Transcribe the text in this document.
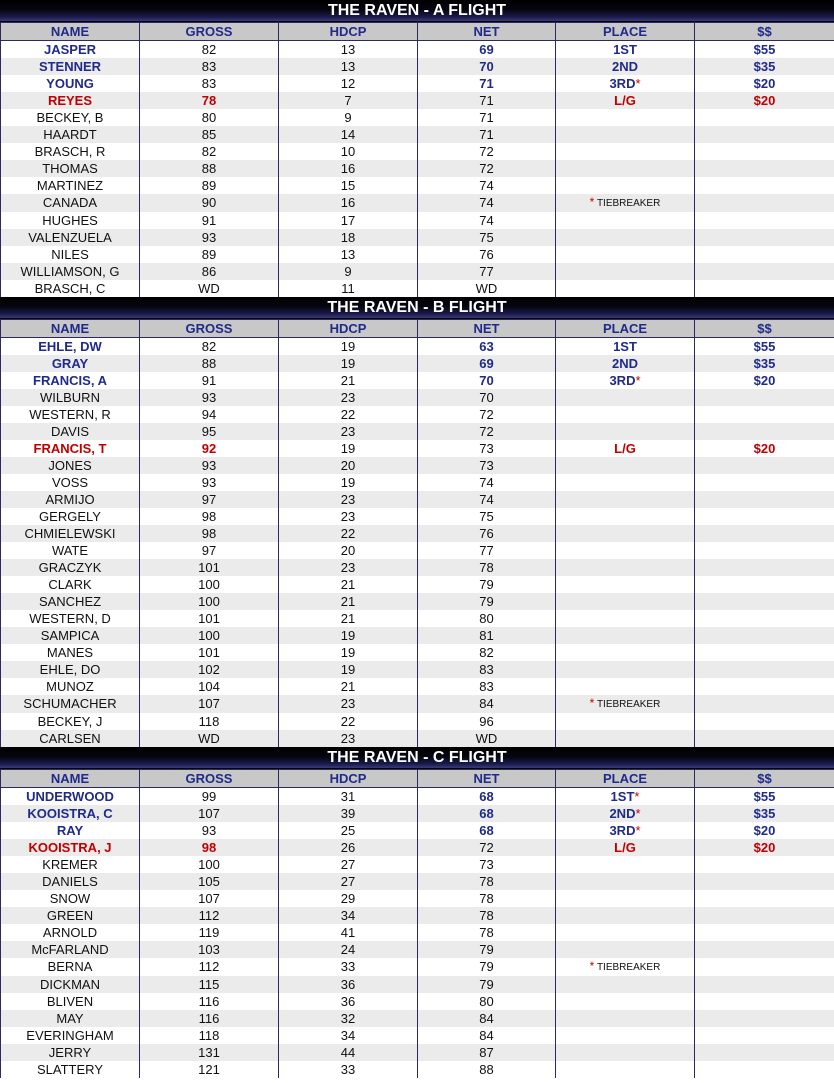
THE RAVEN - A FLIGHT
NAME	GROSS	HDCP	NET	PLACE	$$
JASPER	82	13	69	1ST	$55
STENNER	83	13	70	2ND	$35
YOUNG	83	12	71	3RD*	$20
REYES	78	7	71	L/G	$20
BECKEY, B	80	9	71		
HAARDT	85	14	71		
BRASCH, R	82	10	72		
THOMAS	88	16	72		
MARTINEZ	89	15	74		
CANADA	90	16	74	* TIEBREAKER	
HUGHES	91	17	74		
VALENZUELA	93	18	75		
NILES	89	13	76		
WILLIAMSON, G	86	9	77		
BRASCH, C	WD	11	WD		
THE RAVEN - B FLIGHT
NAME	GROSS	HDCP	NET	PLACE	$$
EHLE, DW	82	19	63	1ST	$55
GRAY	88	19	69	2ND	$35
FRANCIS, A	91	21	70	3RD*	$20
WILBURN	93	23	70		
WESTERN, R	94	22	72		
DAVIS	95	23	72		
FRANCIS, T	92	19	73	L/G	$20
JONES	93	20	73		
VOSS	93	19	74		
ARMIJO	97	23	74		
GERGELY	98	23	75		
CHMIELEWSKI	98	22	76		
WATE	97	20	77		
GRACZYK	101	23	78		
CLARK	100	21	79		
SANCHEZ	100	21	79		
WESTERN, D	101	21	80		
SAMPICA	100	19	81		
MANES	101	19	82		
EHLE, DO	102	19	83		
MUNOZ	104	21	83		
SCHUMACHER	107	23	84	* TIEBREAKER	
BECKEY, J	118	22	96		
CARLSEN	WD	23	WD		
THE RAVEN - C FLIGHT
NAME	GROSS	HDCP	NET	PLACE	$$
UNDERWOOD	99	31	68	1ST*	$55
KOOISTRA, C	107	39	68	2ND*	$35
RAY	93	25	68	3RD*	$20
KOOISTRA, J	98	26	72	L/G	$20
KREMER	100	27	73		
DANIELS	105	27	78		
SNOW	107	29	78		
GREEN	112	34	78		
ARNOLD	119	41	78		
McFARLAND	103	24	79		
BERNA	112	33	79	* TIEBREAKER	
DICKMAN	115	36	79		
BLIVEN	116	36	80		
MAY	116	32	84		
EVERINGHAM	118	34	84		
JERRY	131	44	87		
SLATTERY	121	33	88		
